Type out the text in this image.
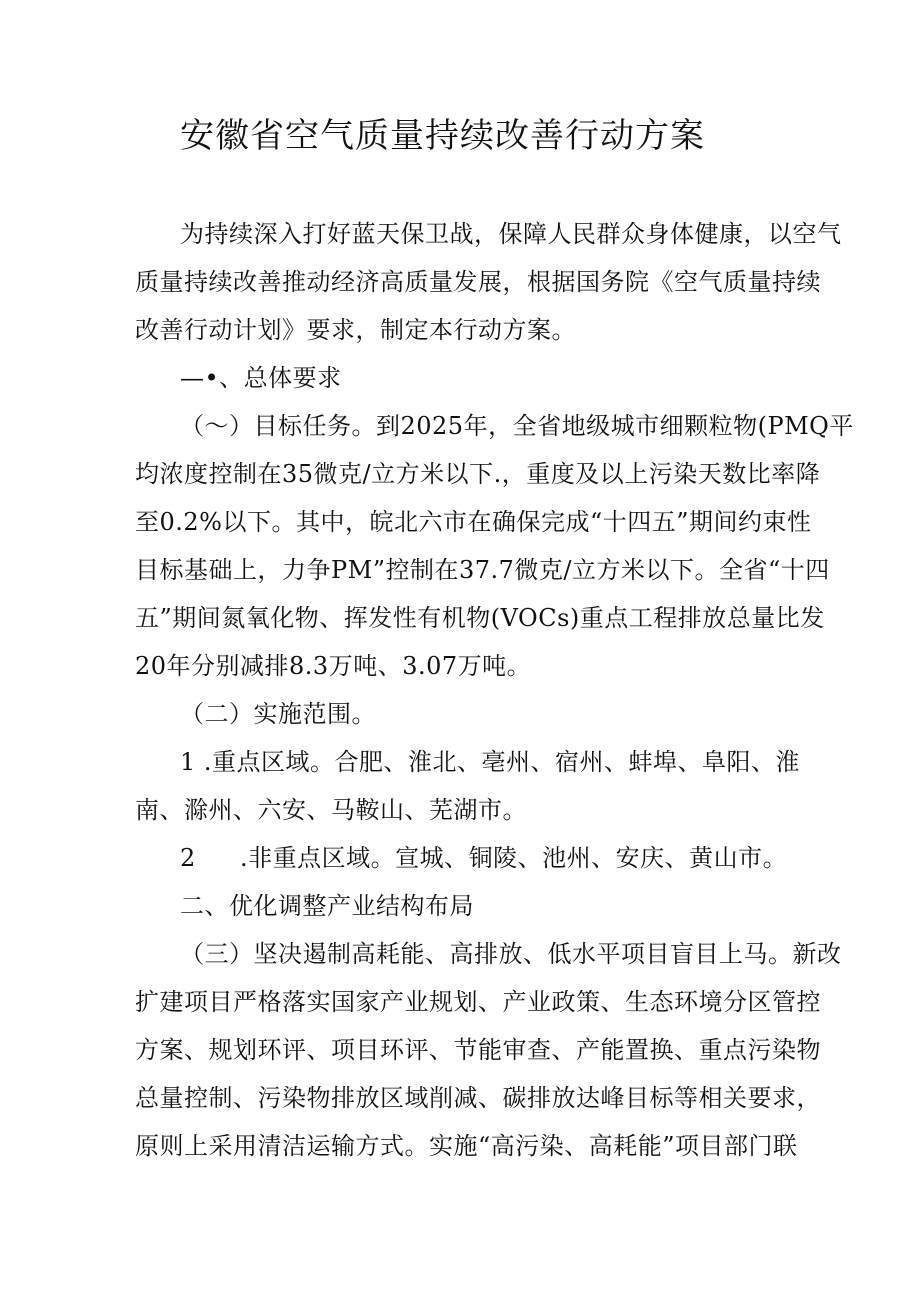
安徽省空气质量持续改善行动方案
为持续深入打好蓝天保卫战，保障人民群众身体健康，以空气
质量持续改善推动经济高质量发展，根据国务院《空气质量持续
改善行动计划》要求，制定本行动方案。
—•、总体要求
（〜）目标任务。到2025年，全省地级城市细颗粒物(PMQ平
均浓度控制在35微克/立方米以下.，重度及以上污染天数比率降
至0.2%以下。其中，皖北六市在确保完成“十四五”期间约束性
目标基础上，力争PM”控制在37.7微克/立方米以下。全省“十四
五”期间氮氧化物、挥发性有机物(VOCs)重点工程排放总量比发
20年分别减排8.3万吨、3.07万吨。
（二）实施范围。
1 .重点区域。合肥、淮北、亳州、宿州、蚌埠、阜阳、淮
南、滁州、六安、马鞍山、芜湖市。
2 .非重点区域。宣城、铜陵、池州、安庆、黄山市。
二、优化调整产业结构布局
（三）坚决遏制高耗能、高排放、低水平项目盲目上马。新改
扩建项目严格落实国家产业规划、产业政策、生态环境分区管控
方案、规划环评、项目环评、节能审查、产能置换、重点污染物
总量控制、污染物排放区域削减、碳排放达峰目标等相关要求，
原则上采用清洁运输方式。实施“高污染、高耗能”项目部门联
